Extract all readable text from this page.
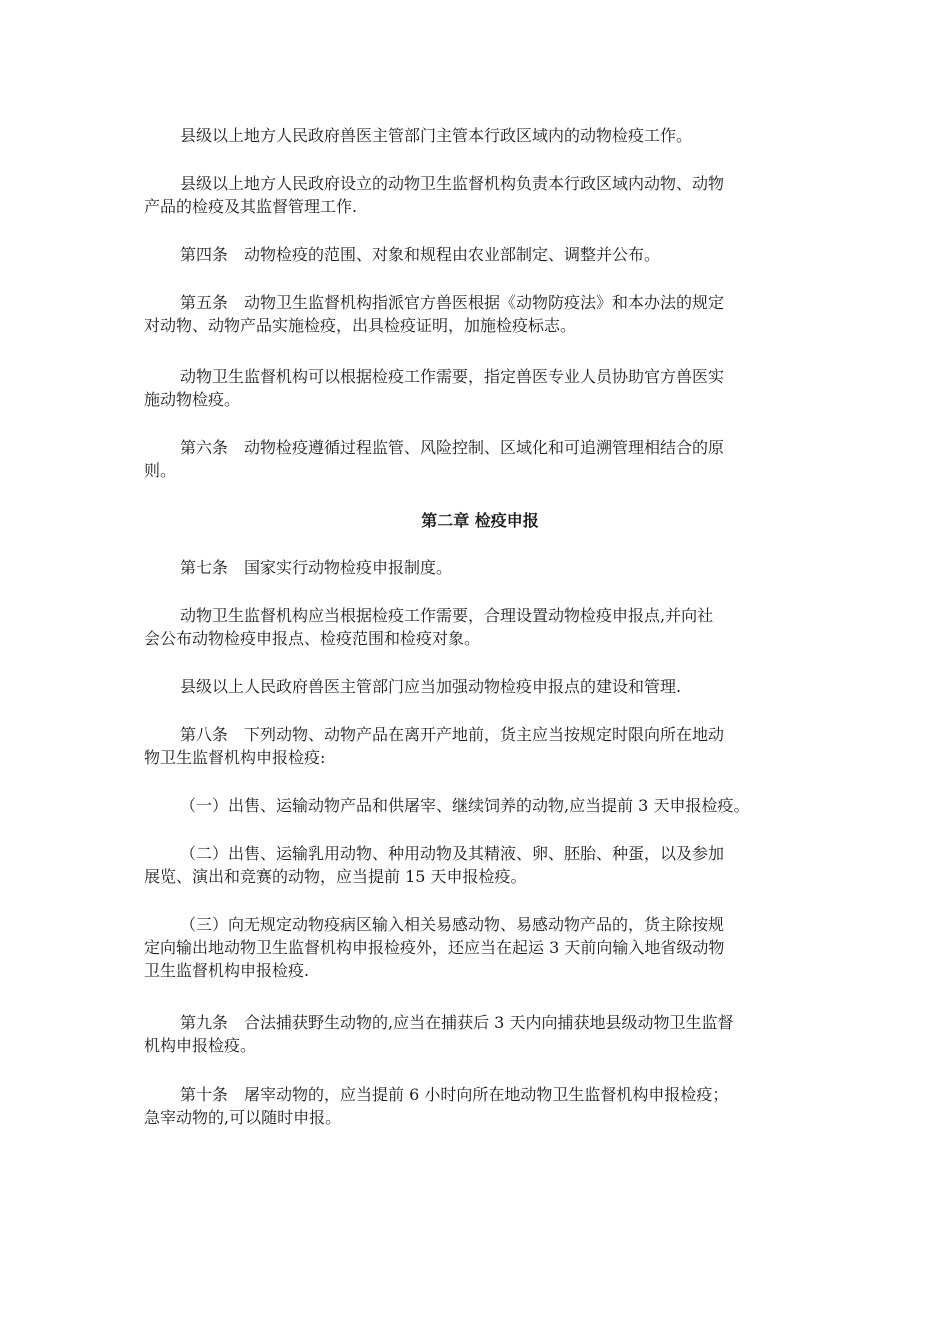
县级以上地方人民政府兽医主管部门主管本行政区域内的动物检疫工作。
县级以上地方人民政府设立的动物卫生监督机构负责本行政区域内动物、动物
产品的检疫及其监督管理工作.
第四条　动物检疫的范围、对象和规程由农业部制定、调整并公布。
第五条　动物卫生监督机构指派官方兽医根据《动物防疫法》和本办法的规定
对动物、动物产品实施检疫，出具检疫证明，加施检疫标志。
动物卫生监督机构可以根据检疫工作需要，指定兽医专业人员协助官方兽医实
施动物检疫。
第六条　动物检疫遵循过程监管、风险控制、区域化和可追溯管理相结合的原
则。
第二章 检疫申报
第七条　国家实行动物检疫申报制度。
动物卫生监督机构应当根据检疫工作需要，合理设置动物检疫申报点,并向社
会公布动物检疫申报点、检疫范围和检疫对象。
县级以上人民政府兽医主管部门应当加强动物检疫申报点的建设和管理.
第八条　下列动物、动物产品在离开产地前，货主应当按规定时限向所在地动
物卫生监督机构申报检疫:
（一）出售、运输动物产品和供屠宰、继续饲养的动物,应当提前 3 天申报检疫。
（二）出售、运输乳用动物、种用动物及其精液、卵、胚胎、种蛋，以及参加
展览、演出和竞赛的动物，应当提前 15 天申报检疫。
（三）向无规定动物疫病区输入相关易感动物、易感动物产品的，货主除按规
定向输出地动物卫生监督机构申报检疫外，还应当在起运 3 天前向输入地省级动物
卫生监督机构申报检疫.
第九条　合法捕获野生动物的,应当在捕获后 3 天内向捕获地县级动物卫生监督
机构申报检疫。
第十条　屠宰动物的，应当提前 6 小时向所在地动物卫生监督机构申报检疫；
急宰动物的,可以随时申报。
